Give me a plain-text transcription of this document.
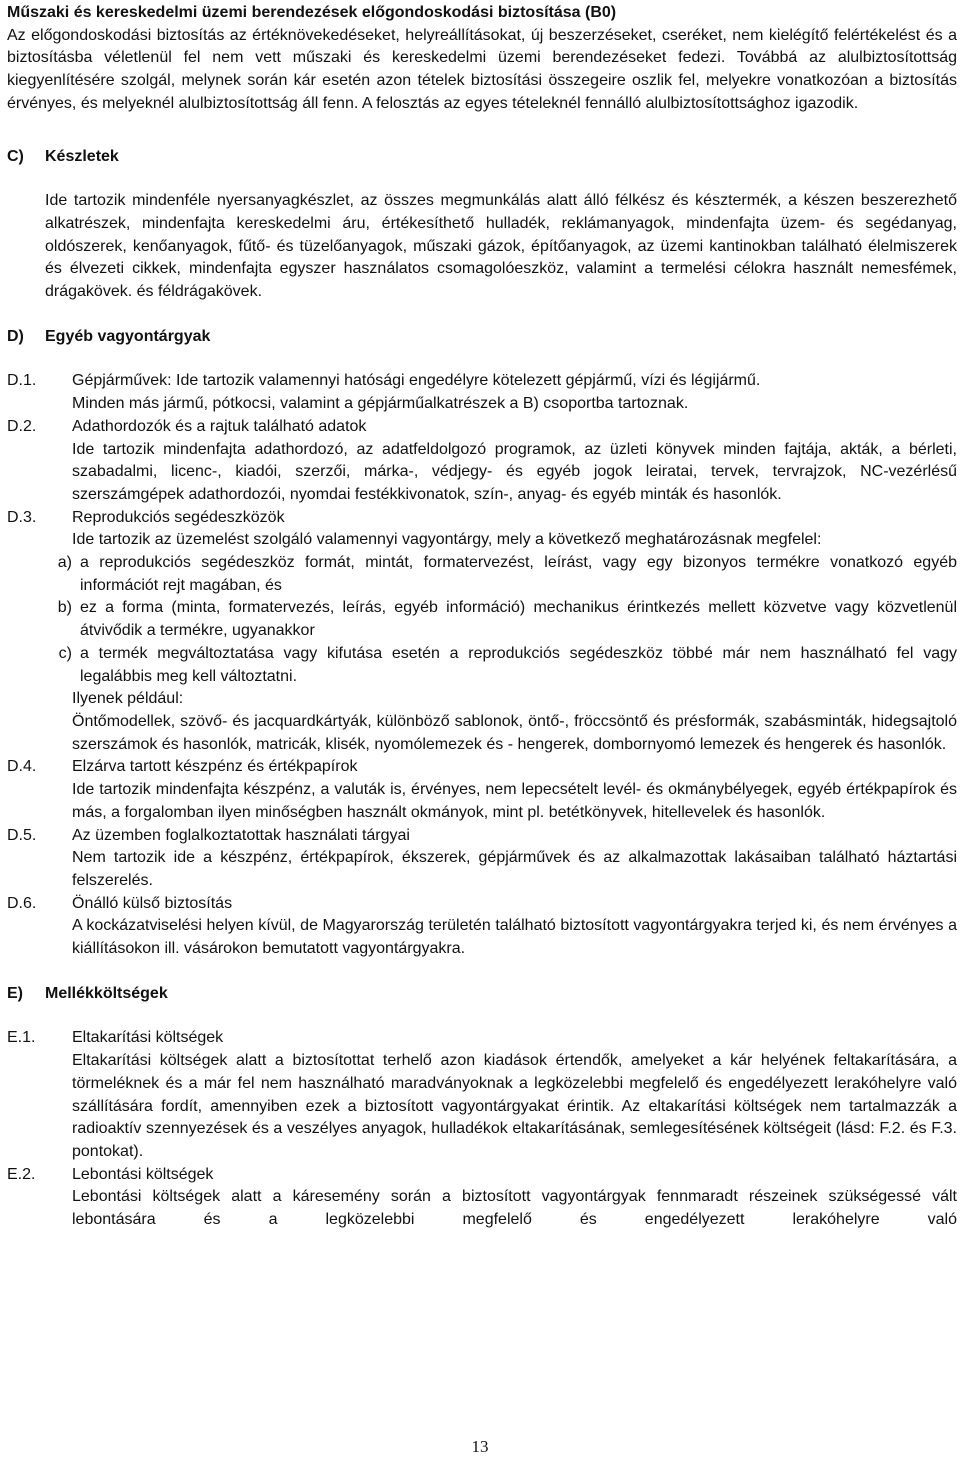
Műszaki és kereskedelmi üzemi berendezések előgondoskodási biztosítása (B0)

Az előgondoskodási biztosítás az értéknövekedéseket, helyreállításokat, új beszerzéseket, cseréket, nem kielégítő felértékelést és a biztosításba véletlenül fel nem vett műszaki és kereskedelmi üzemi berendezéseket fedezi. Továbbá az alulbiztosítottság kiegyenlítésére szolgál, melynek során kár esetén azon tételek biztosítási összegeire oszlik fel, melyekre vonatkozóan a biztosítás érvényes, és melyeknél alulbiztosítottság áll fenn. A felosztás az egyes tételeknél fennálló alulbiztosítottsághoz igazodik.

C)	Készletek

Ide tartozik mindenféle nyersanyagkészlet, az összes megmunkálás alatt álló félkész és késztermék, a készen beszerezhető alkatrészek, mindenfajta kereskedelmi áru, értékesíthető hulladék, reklámanyagok, mindenfajta üzem- és segédanyag, oldószerek, kenőanyagok, fűtő- és tüzelőanyagok, műszaki gázok, építőanyagok, az üzemi kantinokban található élelmiszerek és élvezeti cikkek, mindenfajta egyszer használatos csomagolóeszköz, valamint a termelési célokra használt nemesfémek, drágakövek. és féldrágakövek.

D)	Egyéb vagyontárgyak
D.1.	Gépjárművek: Ide tartozik valamennyi hatósági engedélyre kötelezett gépjármű, vízi és légijármű.

Minden más jármű, pótkocsi, valamint a gépjárműalkatrészek a B) csoportba tartoznak.

D.2.	Adathordozók és a rajtuk található adatok

Ide tartozik mindenfajta adathordozó, az adatfeldolgozó programok, az üzleti könyvek minden fajtája, akták, a bérleti, szabadalmi, licenc-, kiadói, szerzői, márka-, védjegy- és egyéb jogok leiratai, tervek, tervrajzok, NC-vezérlésű szerszámgépek adathordozói, nyomdai festékkivonatok, szín-, anyag- és egyéb minták és hasonlók.

D.3.	Reprodukciós segédeszközök

Ide tartozik az üzemelést szolgáló valamennyi vagyontárgy, mely a következő meghatározásnak megfelel:

a) a reprodukciós segédeszköz formát, mintát, formatervezést, leírást, vagy egy bizonyos termékre vonatkozó egyéb információt rejt magában, és

b) ez a forma (minta, formatervezés, leírás, egyéb információ) mechanikus érintkezés mellett közvetve vagy közvetlenül átvivődik a termékre, ugyanakkor

c) a termék megváltoztatása vagy kifutása esetén a reprodukciós segédeszköz többé már nem használható fel vagy legalábbis meg kell változtatni.

Ilyenek például:

Öntőmodellek, szövő- és jacquardkártyák, különböző sablonok, öntő-, fröccsöntő és présformák, szabásminták, hidegsajtoló szerszámok és hasonlók, matricák, klisék, nyomólemezek és - hengerek, dombornyomó lemezek és hengerek és hasonlók.

D.4.	Elzárva tartott készpénz és értékpapírok

Ide tartozik mindenfajta készpénz, a valuták is, érvényes, nem lepecsételt levél- és okmánybélyegek, egyéb értékpapírok és más, a forgalomban ilyen minőségben használt okmányok, mint pl. betétkönyvek, hitellevelek és hasonlók.

D.5.	Az üzemben foglalkoztatottak használati tárgyai

Nem tartozik ide a készpénz, értékpapírok, ékszerek, gépjárművek és az alkalmazottak lakásaiban található háztartási felszerelés.

D.6.	Önálló külső biztosítás

A kockázatviselési helyen kívül, de Magyarország területén található biztosított vagyontárgyakra terjed ki, és nem érvényes a kiállításokon ill. vásárokon bemutatott vagyontárgyakra.

E)	Mellékköltségek
E.1.	Eltakarítási költségek

Eltakarítási költségek alatt a biztosítottat terhelő azon kiadások értendők, amelyeket a kár helyének feltakarítására, a törmeléknek és a már fel nem használható maradványoknak a legközelebbi megfelelő és engedélyezett lerakóhelyre való szállítására fordít, amennyiben ezek a biztosított vagyontárgyakat érintik. Az eltakarítási költségek nem tartalmazzák a radioaktív szennyezések és a veszélyes anyagok, hulladékok eltakarításának, semlegesítésének költségeit (lásd: F.2. és F.3. pontokat).

E.2.	Lebontási költségek

Lebontási költségek alatt a káresemény során a biztosított vagyontárgyak fennmaradt részeinek szükségessé vált lebontására és a legközelebbi megfelelő és engedélyezett lerakóhelyre való

13
